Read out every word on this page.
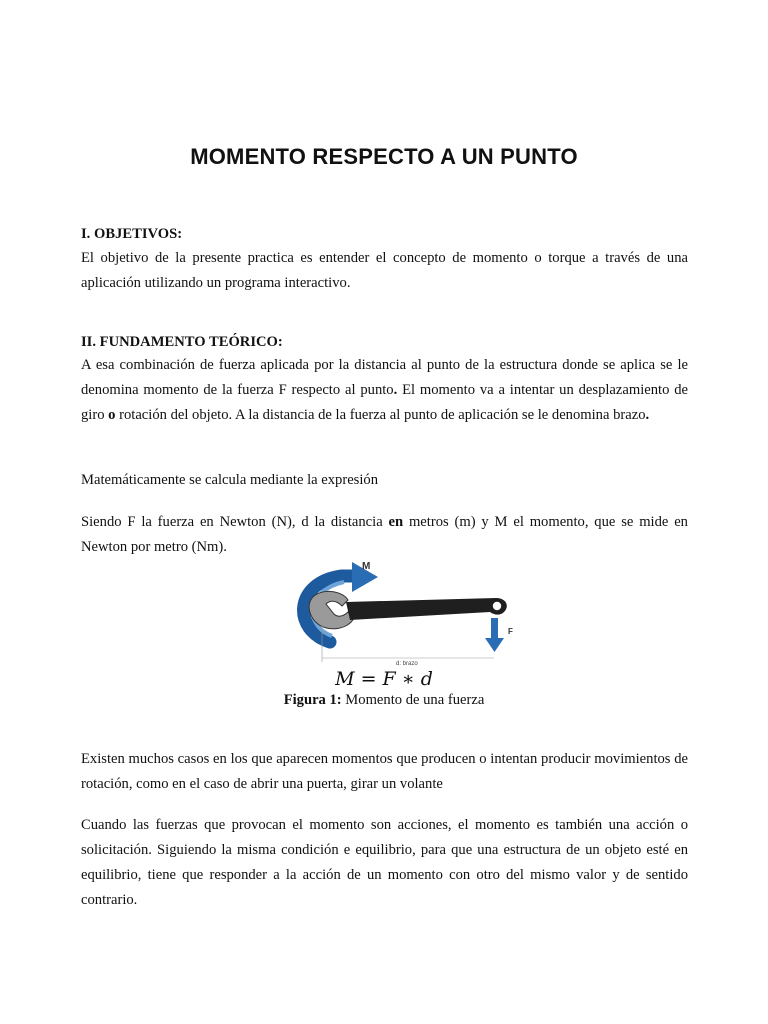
MOMENTO RESPECTO A UN PUNTO

I. OBJETIVOS:

El objetivo de la presente practica es entender el concepto de momento o torque a través de una aplicación utilizando un programa interactivo.

II. FUNDAMENTO TEÓRICO:

A esa combinación de fuerza aplicada por la distancia al punto de la estructura donde se aplica se le denomina momento de la fuerza F respecto al punto. El momento va a intentar un desplazamiento de giro o rotación del objeto. A la distancia de la fuerza al punto de aplicación se le denomina brazo.

Matemáticamente se calcula mediante la expresión

Siendo F la fuerza en Newton (N), d la distancia en metros (m) y M el momento, que se mide en Newton por metro (Nm).

M
F
d: brazo
M = F ∗ d
Figura 1: Momento de una fuerza

Existen muchos casos en los que aparecen momentos que producen o intentan producir movimientos de rotación, como en el caso de abrir una puerta, girar un volante

Cuando las fuerzas que provocan el momento son acciones, el momento es también una acción o solicitación. Siguiendo la misma condición e equilibrio, para que una estructura de un objeto esté en equilibrio, tiene que responder a la acción de un momento con otro del mismo valor y de sentido contrario.
